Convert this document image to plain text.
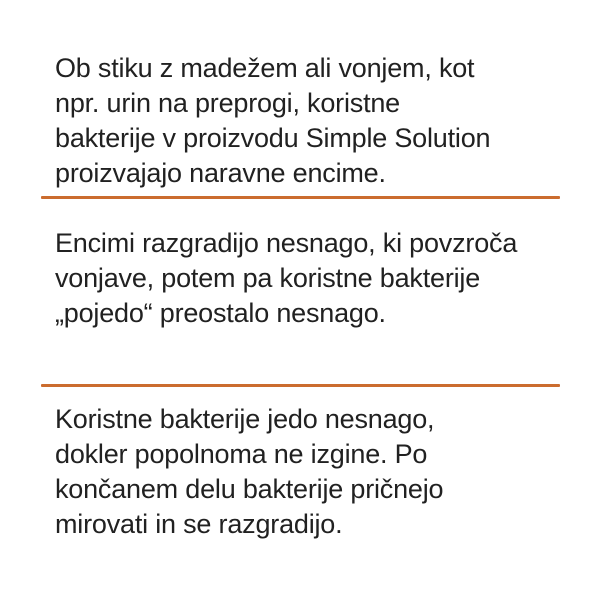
Ob stiku z madežem ali vonjem, kot
npr. urin na preprogi, koristne
bakterije v proizvodu Simple Solution
proizvajajo naravne encime.
Encimi razgradijo nesnago, ki povzroča
vonjave, potem pa koristne bakterije
„pojedo“ preostalo nesnago.
Koristne bakterije jedo nesnago,
dokler popolnoma ne izgine. Po
končanem delu bakterije pričnejo
mirovati in se razgradijo.
